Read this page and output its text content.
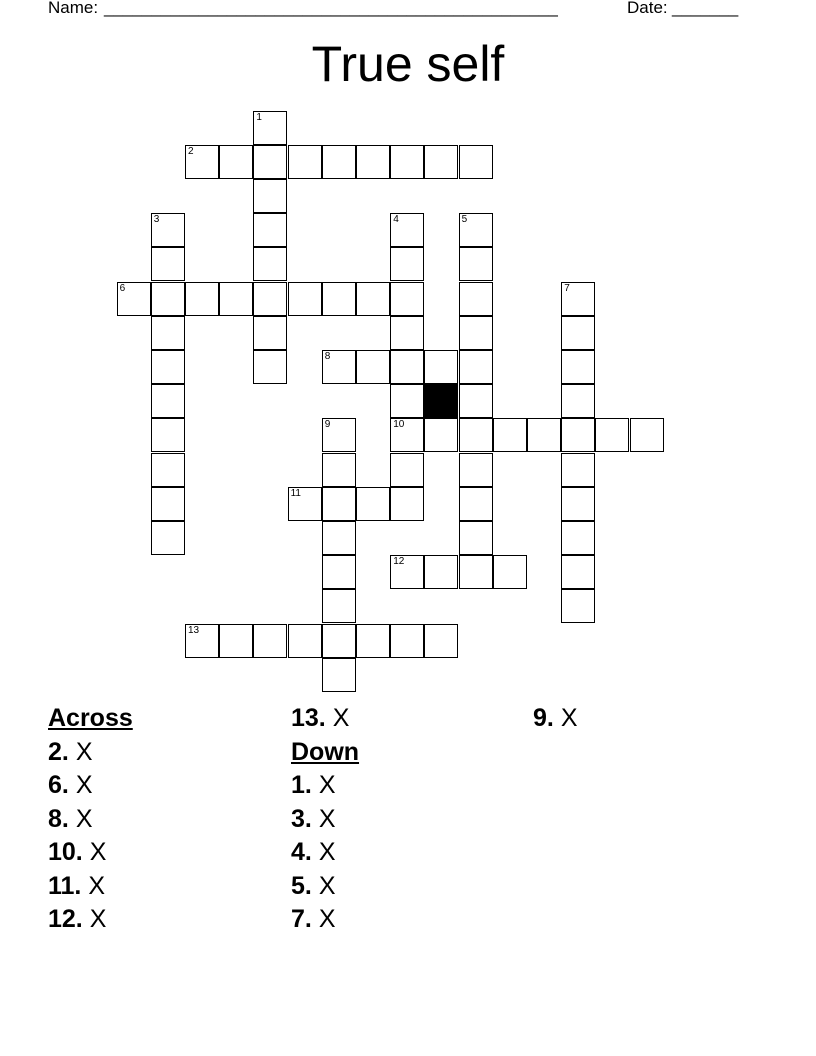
Name: ________________________________________________	Date: _______
True self
1
2
3	4	5
6	7
8
9	10
11
12
13
Across
2. X
6. X
8. X
10. X
11. X
12. X
13. X
Down
1. X
3. X
4. X
5. X
7. X
9. X
